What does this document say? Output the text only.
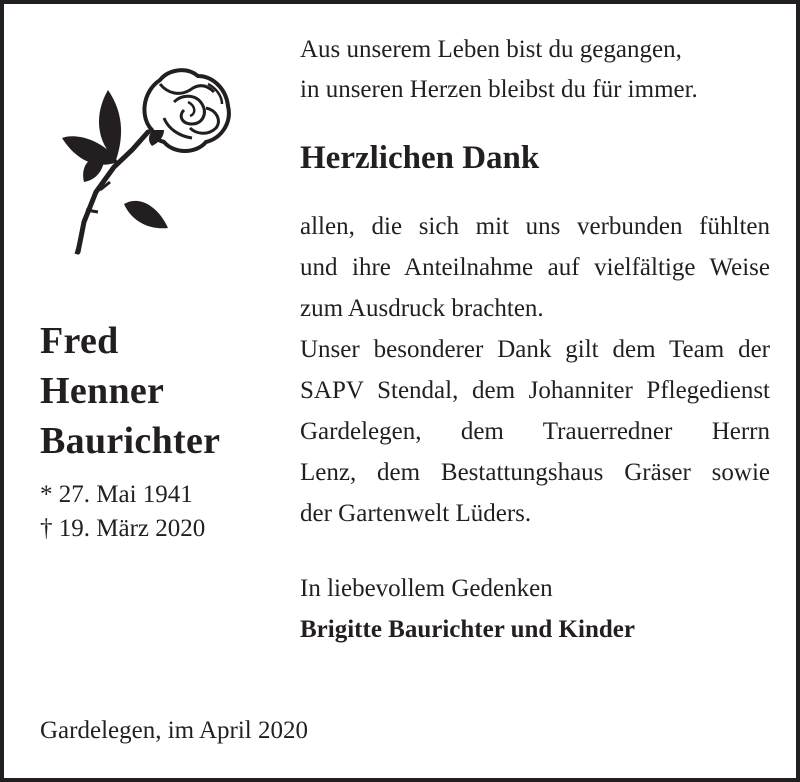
Fred

Henner

Baurichter

* 27. Mai 1941
† 19. März 2020

Aus unserem Leben bist du gegangen,

in unseren Herzen bleibst du für immer.

Herzlichen Dank
allen, die sich mit uns verbunden fühlten
und ihre Anteilnahme auf vielfältige Weise
zum Ausdruck brachten.
Unser besonderer Dank gilt dem Team der
SAPV Stendal, dem Johanniter Pflegedienst
Gardelegen, dem Trauerredner Herrn
Lenz, dem Bestattungshaus Gräser sowie
der Gartenwelt Lüders.

In liebevollem Gedenken

Brigitte Baurichter und Kinder

Gardelegen, im April 2020
